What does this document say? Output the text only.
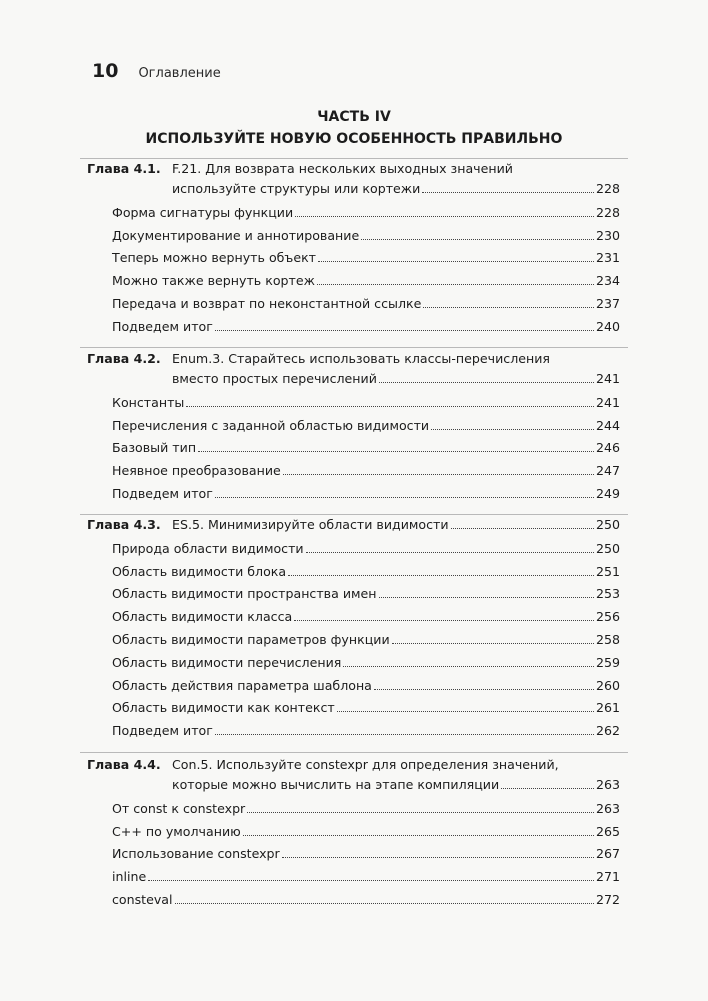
10 Оглавление
ЧАСТЬ IV
ИСПОЛЬЗУЙТЕ НОВУЮ ОСОБЕННОСТЬ ПРАВИЛЬНО
Глава 4.1. F.21. Для возврата нескольких выходных значений
используйте структуры или кортежи	228
Форма сигнатуры функции	228
Документирование и аннотирование	230
Теперь можно вернуть объект	231
Можно также вернуть кортеж	234
Передача и возврат по неконстантной ссылке	237
Подведем итог	240
Глава 4.2. Enum.3. Старайтесь использовать классы-перечисления
вместо простых перечислений	241
Константы	241
Перечисления с заданной областью видимости	244
Базовый тип	246
Неявное преобразование	247
Подведем итог	249
Глава 4.3. ES.5. Минимизируйте области видимости	250
Природа области видимости	250
Область видимости блока	251
Область видимости пространства имен	253
Область видимости класса	256
Область видимости параметров функции	258
Область видимости перечисления	259
Область действия параметра шаблона	260
Область видимости как контекст	261
Подведем итог	262
Глава 4.4. Con.5. Используйте constexpr для определения значений,
которые можно вычислить на этапе компиляции	263
От const к constexpr	263
C++ по умолчанию	265
Использование constexpr	267
inline	271
consteval	272
